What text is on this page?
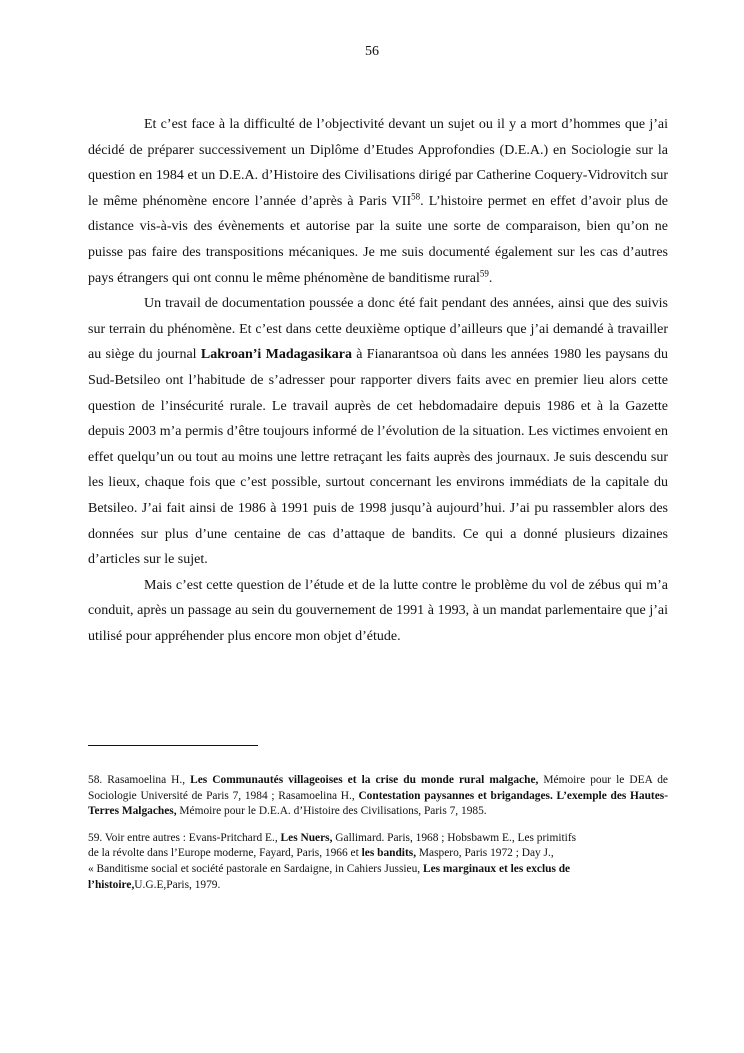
56

Et c’est face à la difficulté de l’objectivité devant un sujet ou il y a mort d’hommes que j’ai décidé de préparer successivement un Diplôme d’Etudes Approfondies (D.E.A.) en Sociologie sur la question en 1984 et un D.E.A. d’Histoire des Civilisations dirigé par Catherine Coquery-Vidrovitch sur le même phénomène encore l’année d’après à Paris VII$^{58}$. L’histoire permet en effet d’avoir plus de distance vis-à-vis des évènements et autorise par la suite une sorte de comparaison, bien qu’on ne puisse pas faire des transpositions mécaniques. Je me suis documenté également sur les cas d’autres pays étrangers qui ont connu le même phénomène de banditisme rural$^{59}$.

Un travail de documentation poussée a donc été fait pendant des années, ainsi que des suivis sur terrain du phénomène. Et c’est dans cette deuxième optique d’ailleurs que j’ai demandé à travailler au siège du journal Lakroan’i Madagasikara à Fianarantsoa où dans les années 1980 les paysans du Sud-Betsileo ont l’habitude de s’adresser pour rapporter divers faits avec en premier lieu alors cette question de l’insécurité rurale. Le travail auprès de cet hebdomadaire depuis 1986 et à la Gazette depuis 2003 m’a permis d’être toujours informé de l’évolution de la situation. Les victimes envoient en effet quelqu’un ou tout au moins une lettre retraçant les faits auprès des journaux. Je suis descendu sur les lieux, chaque fois que c’est possible, surtout concernant les environs immédiats de la capitale du Betsileo. J’ai fait ainsi de 1986 à 1991 puis de 1998 jusqu’à aujourd’hui. J’ai pu rassembler alors des données sur plus d’une centaine de cas d’attaque de bandits. Ce qui a donné plusieurs dizaines d’articles sur le sujet.

Mais c’est cette question de l’étude et de la lutte contre le problème du vol de zébus qui m’a conduit, après un passage au sein du gouvernement de 1991 à 1993, à un mandat parlementaire que j’ai utilisé pour appréhender plus encore mon objet d’étude.

58. Rasamoelina H., Les Communautés villageoises et la crise du monde rural malgache, Mémoire pour le DEA de Sociologie Université de Paris 7, 1984 ; Rasamoelina H., Contestation paysannes et brigandages. L’exemple des Hautes-Terres Malgaches, Mémoire pour le D.E.A. d’Histoire des Civilisations, Paris 7, 1985.

59. Voir entre autres : Evans-Pritchard E., Les Nuers, Gallimard. Paris, 1968 ; Hobsbawm E., Les primitifs
de la révolte dans l’Europe moderne, Fayard, Paris, 1966 et les bandits, Maspero, Paris 1972 ; Day J.,
« Banditisme social et société pastorale en Sardaigne, in Cahiers Jussieu, Les marginaux et les exclus de
l’histoire,U.G.E,Paris, 1979.
